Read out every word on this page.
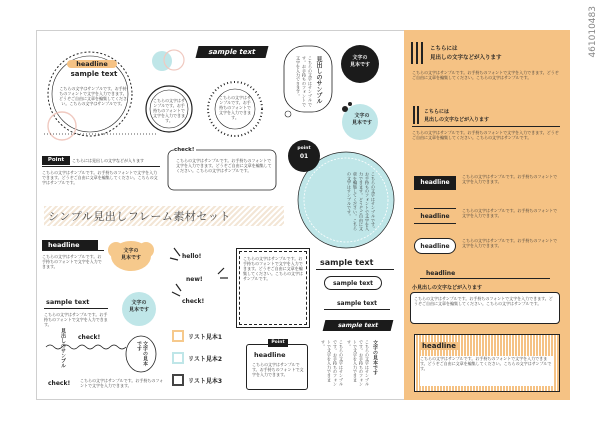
461010483
headline
sample text
こちらの文字はサンプルです。お手持ちのフォントで文字を入力できます。どうぞご自由に文章を編集してください。こちらの文字はサンプルです。
こちらの文字はサンプルです。お手持ちのフォントで文字を入力できます。
sample text
こちらの文字はサンプルです。お手持ちのフォントで文字を入力できます。
見出しのサンプル
こちらの文字はサンプルです。お手持ちのフォントで文字を入力できます。	文字の
見本です
文字の
見本です
Point	こちらには見出しの文字などが入ります
こちらの文字はサンプルです。お手持ちのフォントで文字を入力できます。どうぞご自由に文章を編集してください。こちらの文字はサンプルです。
check!
こちらの文字はサンプルです。お手持ちのフォントで文字を入力できます。どうぞご自由に文章を編集してください。こちらの文字はサンプルです。
point
01
こちらの文字はサンプルです。お手持ちのフォントで文字を入力できます。どうぞご自由に文章を編集してください。こちらの文字はサンプルです。
シンプル見出しフレーム素材セット
headline
こちらの文字はサンプルです。お手持ちのフォントで文字を入力できます。
文字の
見本です	hello!
new!
check!
こちらの文字はサンプルです。お手持ちのフォントで文字を入力できます。どうぞご自由に文章を編集してください。こちらの文字はサンプルです。
sample text
sample text
sample text
sample text
sample text
こちらの文字はサンプルです。お手持ちのフォントで文字を入力できます。
文字の
見本です
check!
見出しのサンプル	文字の見本です
check! こちらの文字はサンプルです。お手持ちのフォントで文字を入力できます。
リスト見本1
リスト見本2
リスト見本3
Point
headline
こちらの文字はサンプルです。お手持ちのフォントで文字を入力できます。	こちらの文字はサンプルです。お手持ちのフォントで文字を入力できます。	文字の見本です
こちらの文字はサンプルです。お手持ちのフォントで文字を入力できます。
こちらには
見出しの文字などが入ります
こちらの文字はサンプルです。お手持ちのフォントで文字を入力できます。どうぞご自由に文章を編集してください。こちらの文字はサンプルです。
こちらには
見出しの文字などが入ります
こちらの文字はサンプルです。お手持ちのフォントで文字を入力できます。どうぞご自由に文章を編集してください。こちらの文字はサンプルです。
headline
こちらの文字はサンプルです。お手持ちのフォントで文字を入力できます。
headline
こちらの文字はサンプルです。お手持ちのフォントで文字を入力できます。
headline
こちらの文字はサンプルです。お手持ちのフォントで文字を入力できます。
headline
小見出しの文字などが入ります
こちらの文字はサンプルです。お手持ちのフォントで文字を入力できます。どうぞご自由に文章を編集してください。こちらの文字はサンプルです。
headline
こちらの文字はサンプルです。お手持ちのフォントで文字を入力できます。どうぞご自由に文章を編集してください。こちらの文字はサンプルです。
